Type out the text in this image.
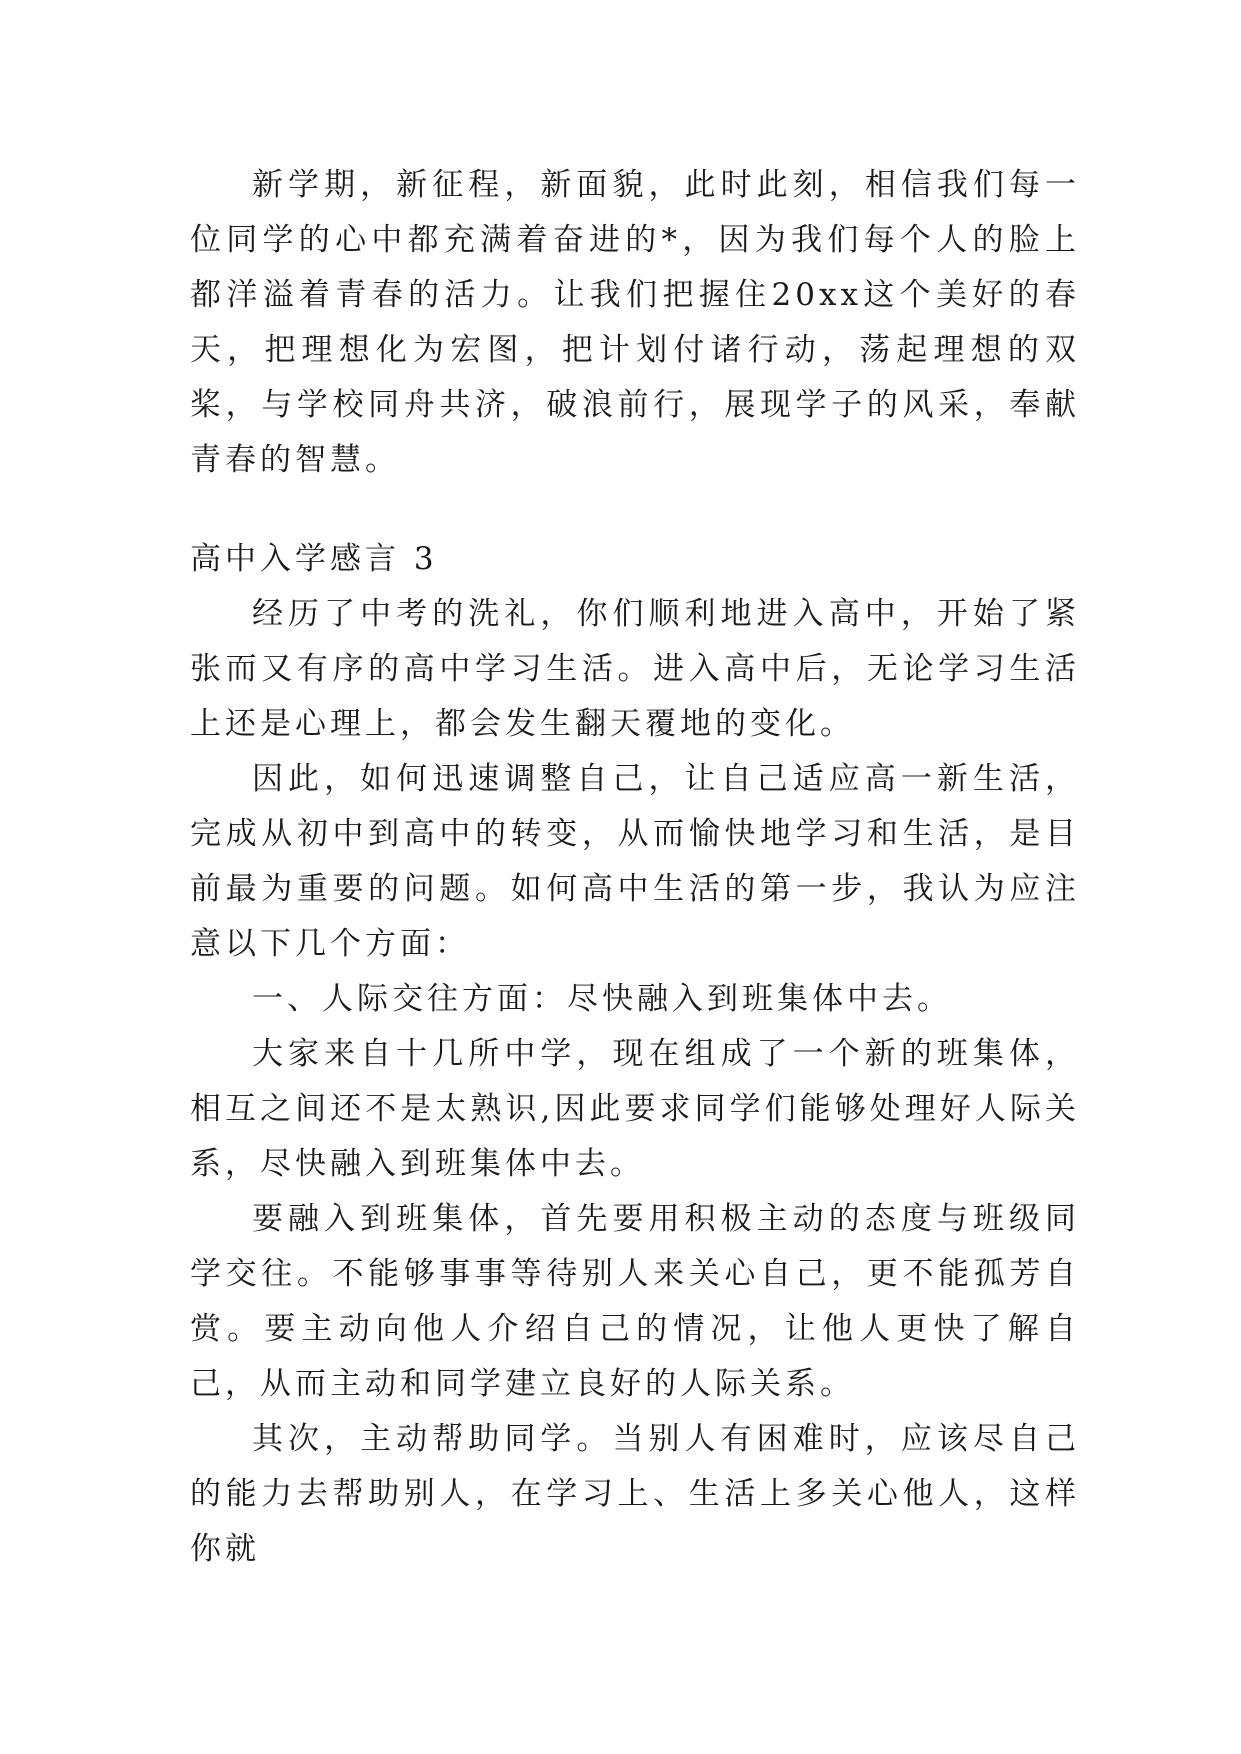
新学期，新征程，新面貌，此时此刻，相信我们每一位同学的心中都充满着奋进的*，因为我们每个人的脸上都洋溢着青春的活力。让我们把握住20xx这个美好的春天，把理想化为宏图，把计划付诸行动，荡起理想的双桨，与学校同舟共济，破浪前行，展现学子的风采，奉献青春的智慧。

高中入学感言 3

经历了中考的洗礼，你们顺利地进入高中，开始了紧张而又有序的高中学习生活。进入高中后，无论学习生活上还是心理上，都会发生翻天覆地的变化。

因此，如何迅速调整自己，让自己适应高一新生活，完成从初中到高中的转变，从而愉快地学习和生活，是目前最为重要的问题。如何高中生活的第一步，我认为应注意以下几个方面：

一、人际交往方面：尽快融入到班集体中去。

大家来自十几所中学，现在组成了一个新的班集体，相互之间还不是太熟识,因此要求同学们能够处理好人际关系，尽快融入到班集体中去。

要融入到班集体，首先要用积极主动的态度与班级同学交往。不能够事事等待别人来关心自己，更不能孤芳自赏。要主动向他人介绍自己的情况，让他人更快了解自己，从而主动和同学建立良好的人际关系。

其次，主动帮助同学。当别人有困难时，应该尽自己的能力去帮助别人，在学习上、生活上多关心他人，这样你就
